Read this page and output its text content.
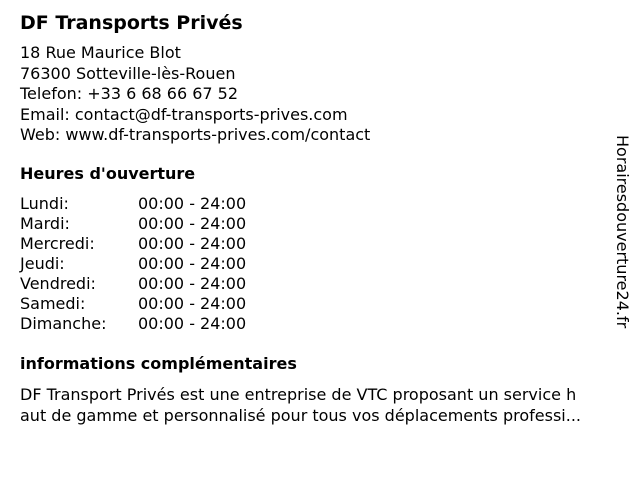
DF Transports Privés
18 Rue Maurice Blot
76300 Sotteville-lès-Rouen
Telefon: +33 6 68 66 67 52
Email: contact@df-transports-prives.com
Web: www.df-transports-prives.com/contact
Heures d'ouverture
Lundi:	00:00 - 24:00
Mardi:	00:00 - 24:00
Mercredi:	00:00 - 24:00
Jeudi:	00:00 - 24:00
Vendredi:	00:00 - 24:00
Samedi:	00:00 - 24:00
Dimanche: 00:00 - 24:00
informations complémentaires
DF Transport Privés est une entreprise de VTC proposant un service h
aut de gamme et personnalisé pour tous vos déplacements professi...
Horairesdouverture24.fr
